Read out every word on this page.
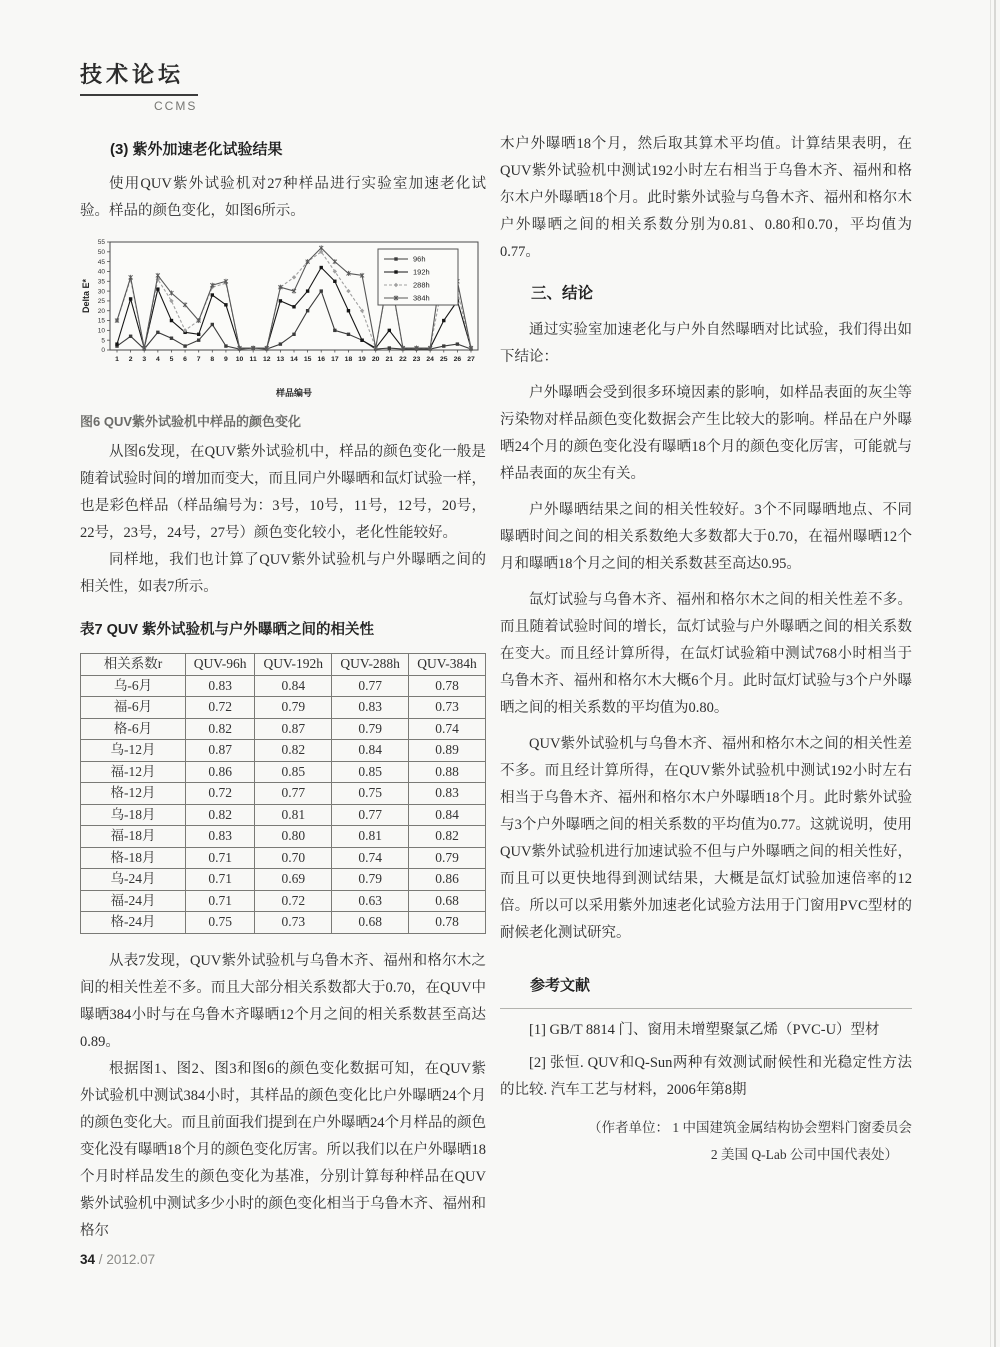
技术论坛
CCMS
(3) 紫外加速老化试验结果

使用QUV紫外试验机对27种样品进行实验室加速老化试验。样品的颜色变化，如图6所示。

0
5
10
15
20
25
30
35
40
45
50
55
1 2 3 4 5 6 7 8 9 10 11 12 13 14 15 16 17 18 19 20 21 22 23 24 25 26 27
样品编号
Delta E*
96h
192h
288h
384h
图6 QUV紫外试验机中样品的颜色变化

从图6发现，在QUV紫外试验机中，样品的颜色变化一般是随着试验时间的增加而变大，而且同户外曝晒和氙灯试验一样，也是彩色样品（样品编号为：3号，10号，11号，12号，20号，22号，23号，24号，27号）颜色变化较小，老化性能较好。

同样地，我们也计算了QUV紫外试验机与户外曝晒之间的相关性，如表7所示。

表7 QUV 紫外试验机与户外曝晒之间的相关性
相关系数r	QUV-96h	QUV-192h	QUV-288h	QUV-384h
乌-6月	0.83	0.84	0.77	0.78
福-6月	0.72	0.79	0.83	0.73
格-6月	0.82	0.87	0.79	0.74
乌-12月	0.87	0.82	0.84	0.89
福-12月	0.86	0.85	0.85	0.88
格-12月	0.72	0.77	0.75	0.83
乌-18月	0.82	0.81	0.77	0.84
福-18月	0.83	0.80	0.81	0.82
格-18月	0.71	0.70	0.74	0.79
乌-24月	0.71	0.69	0.79	0.86
福-24月	0.71	0.72	0.63	0.68
格-24月	0.75	0.73	0.68	0.78

从表7发现，QUV紫外试验机与乌鲁木齐、福州和格尔木之间的相关性差不多。而且大部分相关系数都大于0.70，在QUV中曝晒384小时与在乌鲁木齐曝晒12个月之间的相关系数甚至高达0.89。

根据图1、图2、图3和图6的颜色变化数据可知，在QUV紫外试验机中测试384小时，其样品的颜色变化比户外曝晒24个月的颜色变化大。而且前面我们提到在户外曝晒24个月样品的颜色变化没有曝晒18个月的颜色变化厉害。所以我们以在户外曝晒18个月时样品发生的颜色变化为基准，分别计算每种样品在QUV紫外试验机中测试多少小时的颜色变化相当于乌鲁木齐、福州和格尔

木户外曝晒18个月，然后取其算术平均值。计算结果表明，在QUV紫外试验机中测试192小时左右相当于乌鲁木齐、福州和格尔木户外曝晒18个月。此时紫外试验与乌鲁木齐、福州和格尔木户外曝晒之间的相关系数分别为0.81、0.80和0.70，平均值为0.77。

三、结论

通过实验室加速老化与户外自然曝晒对比试验，我们得出如下结论：

户外曝晒会受到很多环境因素的影响，如样品表面的灰尘等污染物对样品颜色变化数据会产生比较大的影响。样品在户外曝晒24个月的颜色变化没有曝晒18个月的颜色变化厉害，可能就与样品表面的灰尘有关。

户外曝晒结果之间的相关性较好。3个不同曝晒地点、不同曝晒时间之间的相关系数绝大多数都大于0.70，在福州曝晒12个月和曝晒18个月之间的相关系数甚至高达0.95。

氙灯试验与乌鲁木齐、福州和格尔木之间的相关性差不多。而且随着试验时间的增长，氙灯试验与户外曝晒之间的相关系数在变大。而且经计算所得，在氙灯试验箱中测试768小时相当于乌鲁木齐、福州和格尔木大概6个月。此时氙灯试验与3个户外曝晒之间的相关系数的平均值为0.80。

QUV紫外试验机与乌鲁木齐、福州和格尔木之间的相关性差不多。而且经计算所得，在QUV紫外试验机中测试192小时左右相当于乌鲁木齐、福州和格尔木户外曝晒18个月。此时紫外试验与3个户外曝晒之间的相关系数的平均值为0.77。这就说明，使用QUV紫外试验机进行加速试验不但与户外曝晒之间的相关性好，而且可以更快地得到测试结果，大概是氙灯试验加速倍率的12倍。所以可以采用紫外加速老化试验方法用于门窗用PVC型材的耐候老化测试研究。

参考文献

[1] GB/T 8814 门、窗用未增塑聚氯乙烯（PVC-U）型材

[2] 张恒. QUV和Q-Sun两种有效测试耐候性和光稳定性方法的比较. 汽车工艺与材料，2006年第8期

（作者单位： 1 中国建筑金属结构协会塑料门窗委员会
2 美国 Q-Lab 公司中国代表处）
34 / 2012.07
